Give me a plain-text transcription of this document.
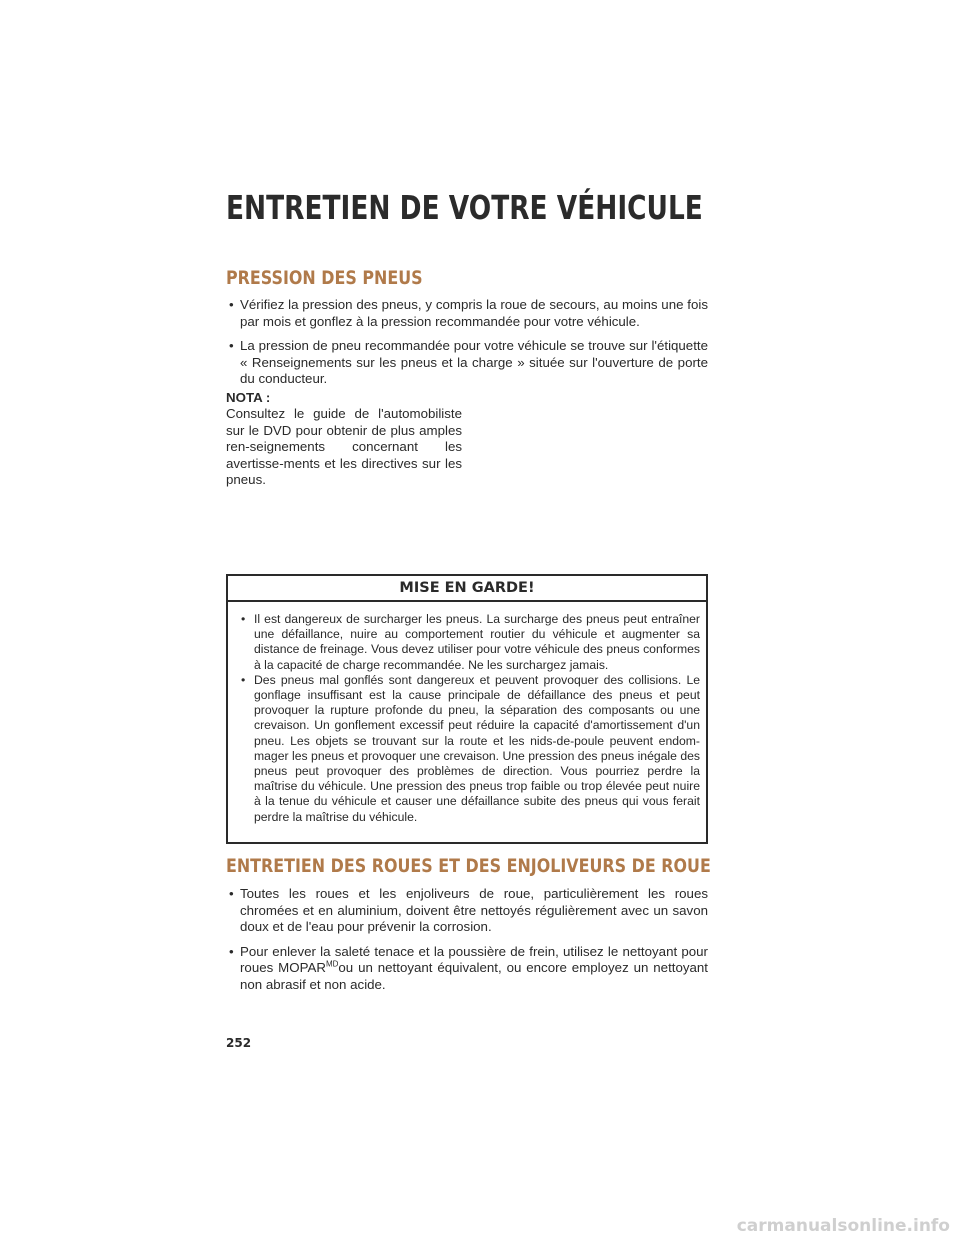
ENTRETIEN DE VOTRE VÉHICULE
PRESSION DES PNEUS
• Vérifiez la pression des pneus, y compris la roue de secours, au moins une fois par mois et gonflez à la pression recommandée pour votre véhicule.
• La pression de pneu recommandée pour votre véhicule se trouve sur l'étiquette « Renseignements sur les pneus et la charge » située sur l'ouverture de porte du conducteur.
NOTA :
Consultez le guide de l'automobiliste sur le DVD pour obtenir de plus amples ren-seignements concernant les avertisse-ments et les directives sur les pneus.
MISE EN GARDE!
• Il est dangereux de surcharger les pneus. La surcharge des pneus peut entraîner une défaillance, nuire au comportement routier du véhicule et augmenter sa distance de freinage. Vous devez utiliser pour votre véhicule des pneus conformes à la capacité de charge recommandée. Ne les surchargez jamais.
• Des pneus mal gonflés sont dangereux et peuvent provoquer des collisions. Le gonflage insuffisant est la cause principale de défaillance des pneus et peut provoquer la rupture profonde du pneu, la séparation des composants ou une crevaison. Un gonflement excessif peut réduire la capacité d'amortissement d'un pneu. Les objets se trouvant sur la route et les nids-de-poule peuvent endom-mager les pneus et provoquer une crevaison. Une pression des pneus inégale des pneus peut provoquer des problèmes de direction. Vous pourriez perdre la maîtrise du véhicule. Une pression des pneus trop faible ou trop élevée peut nuire à la tenue du véhicule et causer une défaillance subite des pneus qui vous ferait perdre la maîtrise du véhicule.
ENTRETIEN DES ROUES ET DES ENJOLIVEURS DE ROUE
• Toutes les roues et les enjoliveurs de roue, particulièrement les roues chromées et en aluminium, doivent être nettoyés régulièrement avec un savon doux et de l'eau pour prévenir la corrosion.
• Pour enlever la saleté tenace et la poussière de frein, utilisez le nettoyant pour roues $MOPAR^{MD}ou$ un nettoyant équivalent, ou encore employez un nettoyant non abrasif et non acide.
252
carmanualsonline.info
